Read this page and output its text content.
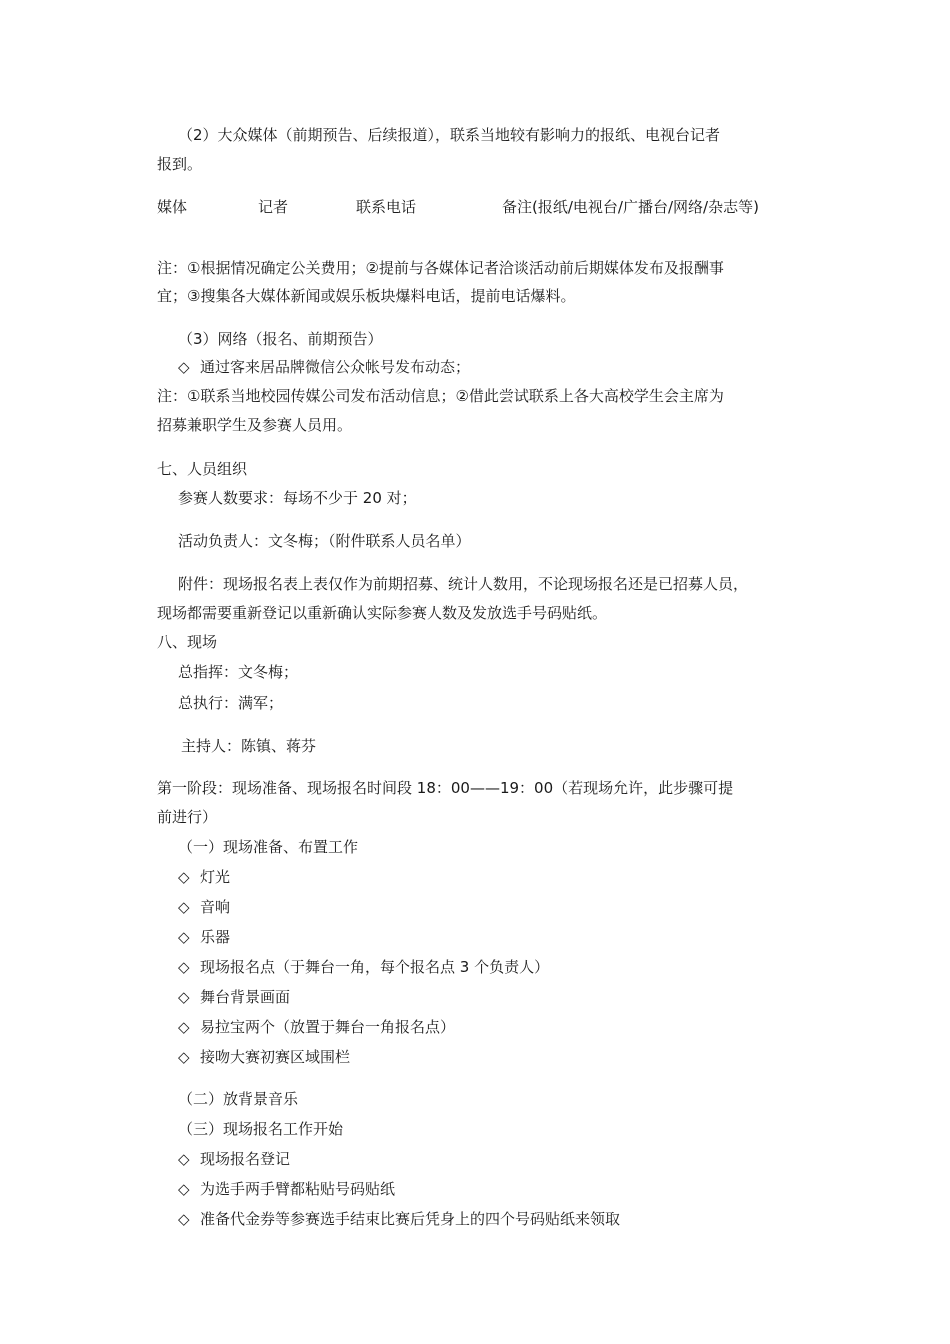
（2）大众媒体（前期预告、后续报道），联系当地较有影响力的报纸、电视台记者
报到。
媒体	记者	联系电话	备注(报纸/电视台/广播台/网络/杂志等)
注：①根据情况确定公关费用；②提前与各媒体记者洽谈活动前后期媒体发布及报酬事
宜；③搜集各大媒体新闻或娱乐板块爆料电话，提前电话爆料。
（3）网络（报名、前期预告）
◇ 通过客来居品牌微信公众帐号发布动态；
注：①联系当地校园传媒公司发布活动信息；②借此尝试联系上各大高校学生会主席为
招募兼职学生及参赛人员用。
七、人员组织
参赛人数要求：每场不少于 20 对；
活动负责人：文冬梅；（附件联系人员名单）
附件：现场报名表上表仅作为前期招募、统计人数用，不论现场报名还是已招募人员，
现场都需要重新登记以重新确认实际参赛人数及发放选手号码贴纸。
八、现场
总指挥：文冬梅；
总执行：满军；
主持人：陈镇、蒋芬
第一阶段：现场准备、现场报名时间段 18：00——19：00（若现场允许，此步骤可提
前进行）
（一）现场准备、布置工作
◇ 灯光
◇ 音响
◇ 乐器
◇ 现场报名点（于舞台一角，每个报名点 3 个负责人）
◇ 舞台背景画面
◇ 易拉宝两个（放置于舞台一角报名点）
◇ 接吻大赛初赛区域围栏
（二）放背景音乐
（三）现场报名工作开始
◇ 现场报名登记
◇ 为选手两手臂都粘贴号码贴纸
◇ 准备代金券等参赛选手结束比赛后凭身上的四个号码贴纸来领取
